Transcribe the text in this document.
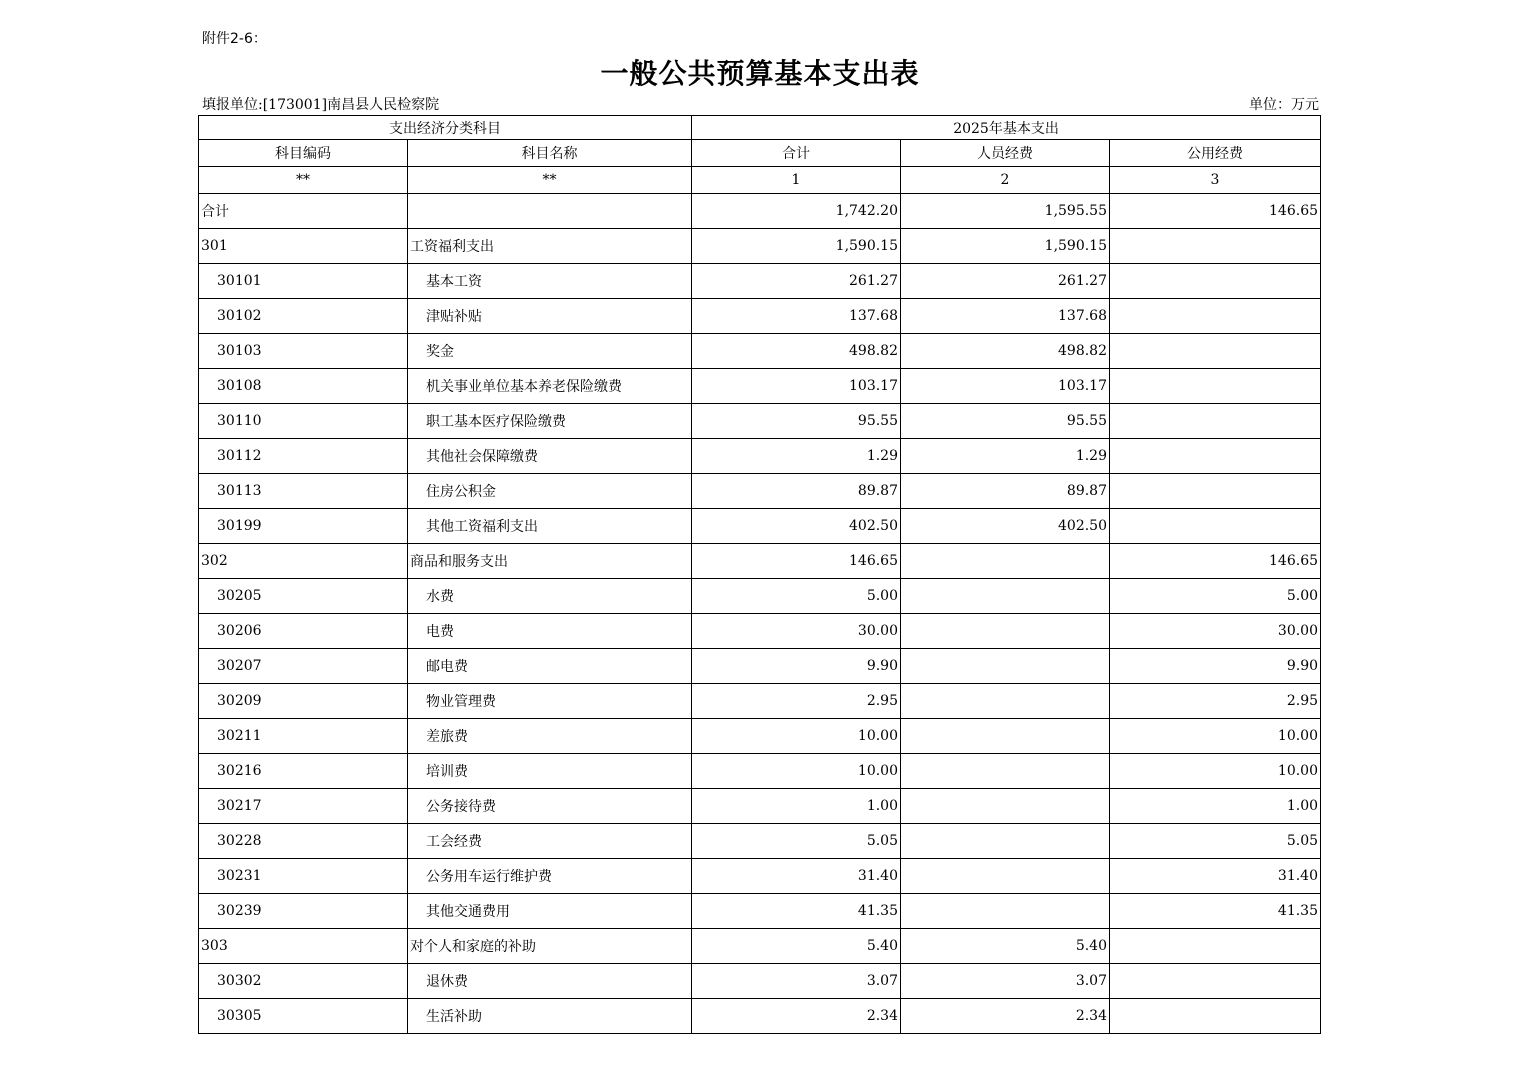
附件2-6：
一般公共预算基本支出表
填报单位:[173001]南昌县人民检察院	单位：万元
支出经济分类科目		2025年基本支出		
科目编码	科目名称	合计	人员经费	公用经费
**	**	1	2	3
合计		1,742.20	1,595.55	146.65
301	工资福利支出	1,590.15	1,590.15	
30101	基本工资	261.27	261.27	
30102	津贴补贴	137.68	137.68	
30103	奖金	498.82	498.82	
30108	机关事业单位基本养老保险缴费	103.17	103.17	
30110	职工基本医疗保险缴费	95.55	95.55	
30112	其他社会保障缴费	1.29	1.29	
30113	住房公积金	89.87	89.87	
30199	其他工资福利支出	402.50	402.50	
302	商品和服务支出	146.65		146.65
30205	水费	5.00		5.00
30206	电费	30.00		30.00
30207	邮电费	9.90		9.90
30209	物业管理费	2.95		2.95
30211	差旅费	10.00		10.00
30216	培训费	10.00		10.00
30217	公务接待费	1.00		1.00
30228	工会经费	5.05		5.05
30231	公务用车运行维护费	31.40		31.40
30239	其他交通费用	41.35		41.35
303	对个人和家庭的补助	5.40	5.40	
30302	退休费	3.07	3.07	
30305	生活补助	2.34	2.34	
